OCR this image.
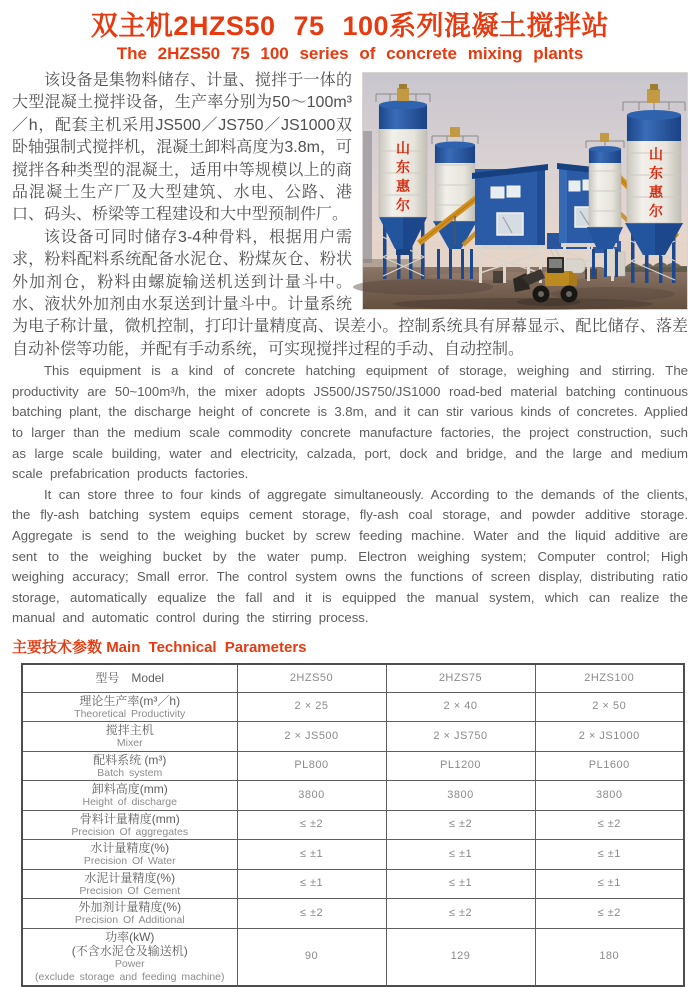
双主机2HZS50 75 100系列混凝土搅拌站
The 2HZS50 75 100 series of concrete mixing plants
山
东
惠
尔
山
东
惠
尔

该设备是集物料储存、计量、搅拌于一体的大型混凝土搅拌设备，生产率分别为50～100m³／h，配套主机采用JS500／JS750／JS1000双卧轴强制式搅拌机，混凝土卸料高度为3.8m，可搅拌各种类型的混凝土，适用中等规模以上的商品混凝土生产厂及大型建筑、水电、公路、港口、码头、桥梁等工程建设和大中型预制件厂。

该设备可同时储存3-4种骨料，根据用户需求，粉料配料系统配备水泥仓、粉煤灰仓、粉状外加剂仓，粉料由螺旋输送机送到计量斗中。水、液状外加剂由水泵送到计量斗中。计量系统为电子称计量，微机控制，打印计量精度高、误差小。控制系统具有屏幕显示、配比储存、落差自动补偿等功能，并配有手动系统，可实现搅拌过程的手动、自动控制。

This equipment is a kind of concrete hatching equipment of storage, weighing and stirring. The productivity are 50~100m³/h, the mixer adopts JS500/JS750/JS1000 road-bed material batching continuous batching plant, the discharge height of concrete is 3.8m, and it can stir various kinds of concretes. Applied to larger than the medium scale commodity concrete manufacture factories, the project construction, such as large scale building, water and electricity, calzada, port, dock and bridge, and the large and medium scale prefabrication products factories.

It can store three to four kinds of aggregate simultaneously. According to the demands of the clients, the fly-ash batching system equips cement storage, fly-ash coal storage, and powder additive storage. Aggregate is send to the weighing bucket by screw feeding machine. Water and the liquid additive are sent to the weighing bucket by the water pump. Electron weighing system; Computer control; High weighing accuracy; Small error. The control system owns the functions of screen display, distributing ratio storage, automatically equalize the fall and it is equipped the manual system, which can realize the manual and automatic control during the stirring process.

主要技术参数 Main Technical Parameters
型号　Model	2HZS50	2HZS75	2HZS100

理论生产率(m³／h)
Theoretical Productivity	2 × 25	2 × 40	2 × 50

搅拌主机
Mixer	2 × JS500	2 × JS750	2 × JS1000

配料系统 (m³)
Batch system	PL800	PL1200	PL1600

卸料高度(mm)
Height of discharge	3800	3800	3800

骨料计量精度(mm)
Precision Of aggregates	≤ ±2	≤ ±2	≤ ±2

水计量精度(%)
Precision Of Water	≤ ±1	≤ ±1	≤ ±1

水泥计量精度(%)
Precision Of Cement	≤ ±1	≤ ±1	≤ ±1

外加剂计量精度(%)
Precision Of Additional	≤ ±2	≤ ±2	≤ ±2

功率(kW)
(不含水泥仓及输送机)
Power
(exclude storage and feeding machine)	90	129	180
